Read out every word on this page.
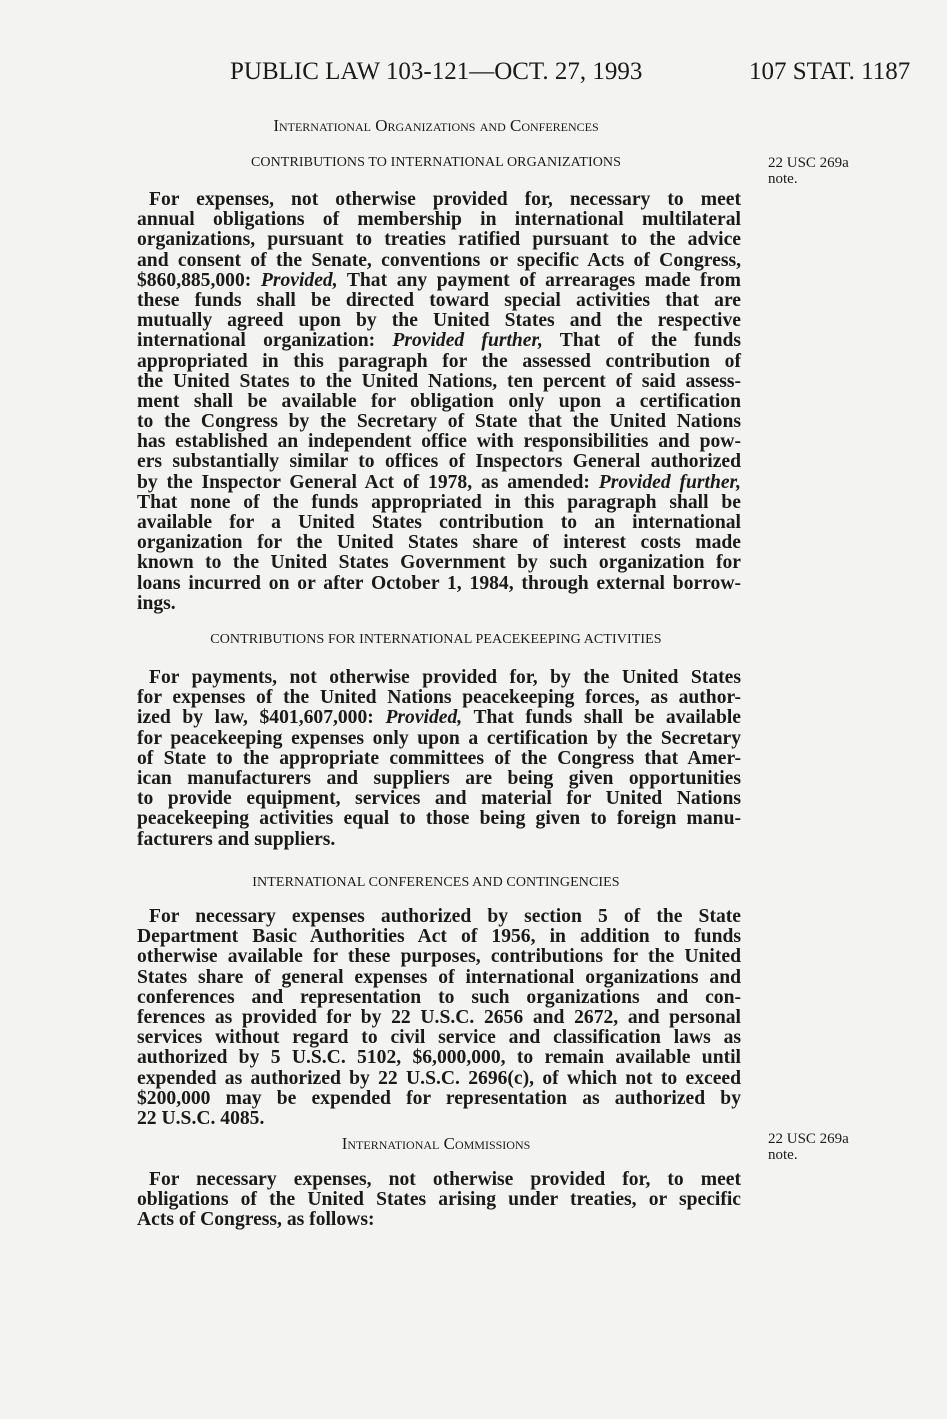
PUBLIC LAW 103-121—OCT. 27, 1993	107 STAT. 1187
International Organizations and Conferences
CONTRIBUTIONS TO INTERNATIONAL ORGANIZATIONS	22 USC 269a
note.
For expenses, not otherwise provided for, necessary to meet
annual obligations of membership in international multilateral
organizations, pursuant to treaties ratified pursuant to the advice
and consent of the Senate, conventions or specific Acts of Congress,
$860,885,000: Provided, That any payment of arrearages made from
these funds shall be directed toward special activities that are
mutually agreed upon by the United States and the respective
international organization: Provided further, That of the funds
appropriated in this paragraph for the assessed contribution of
the United States to the United Nations, ten percent of said assess-
ment shall be available for obligation only upon a certification
to the Congress by the Secretary of State that the United Nations
has established an independent office with responsibilities and pow-
ers substantially similar to offices of Inspectors General authorized
by the Inspector General Act of 1978, as amended: Provided further,
That none of the funds appropriated in this paragraph shall be
available for a United States contribution to an international
organization for the United States share of interest costs made
known to the United States Government by such organization for
loans incurred on or after October 1, 1984, through external borrow-
ings.
CONTRIBUTIONS FOR INTERNATIONAL PEACEKEEPING ACTIVITIES
For payments, not otherwise provided for, by the United States
for expenses of the United Nations peacekeeping forces, as author-
ized by law, $401,607,000: Provided, That funds shall be available
for peacekeeping expenses only upon a certification by the Secretary
of State to the appropriate committees of the Congress that Amer-
ican manufacturers and suppliers are being given opportunities
to provide equipment, services and material for United Nations
peacekeeping activities equal to those being given to foreign manu-
facturers and suppliers.
INTERNATIONAL CONFERENCES AND CONTINGENCIES
For necessary expenses authorized by section 5 of the State
Department Basic Authorities Act of 1956, in addition to funds
otherwise available for these purposes, contributions for the United
States share of general expenses of international organizations and
conferences and representation to such organizations and con-
ferences as provided for by 22 U.S.C. 2656 and 2672, and personal
services without regard to civil service and classification laws as
authorized by 5 U.S.C. 5102, $6,000,000, to remain available until
expended as authorized by 22 U.S.C. 2696(c), of which not to exceed
$200,000 may be expended for representation as authorized by
22 U.S.C. 4085.
International Commissions	22 USC 269a
note.
For necessary expenses, not otherwise provided for, to meet
obligations of the United States arising under treaties, or specific
Acts of Congress, as follows:
